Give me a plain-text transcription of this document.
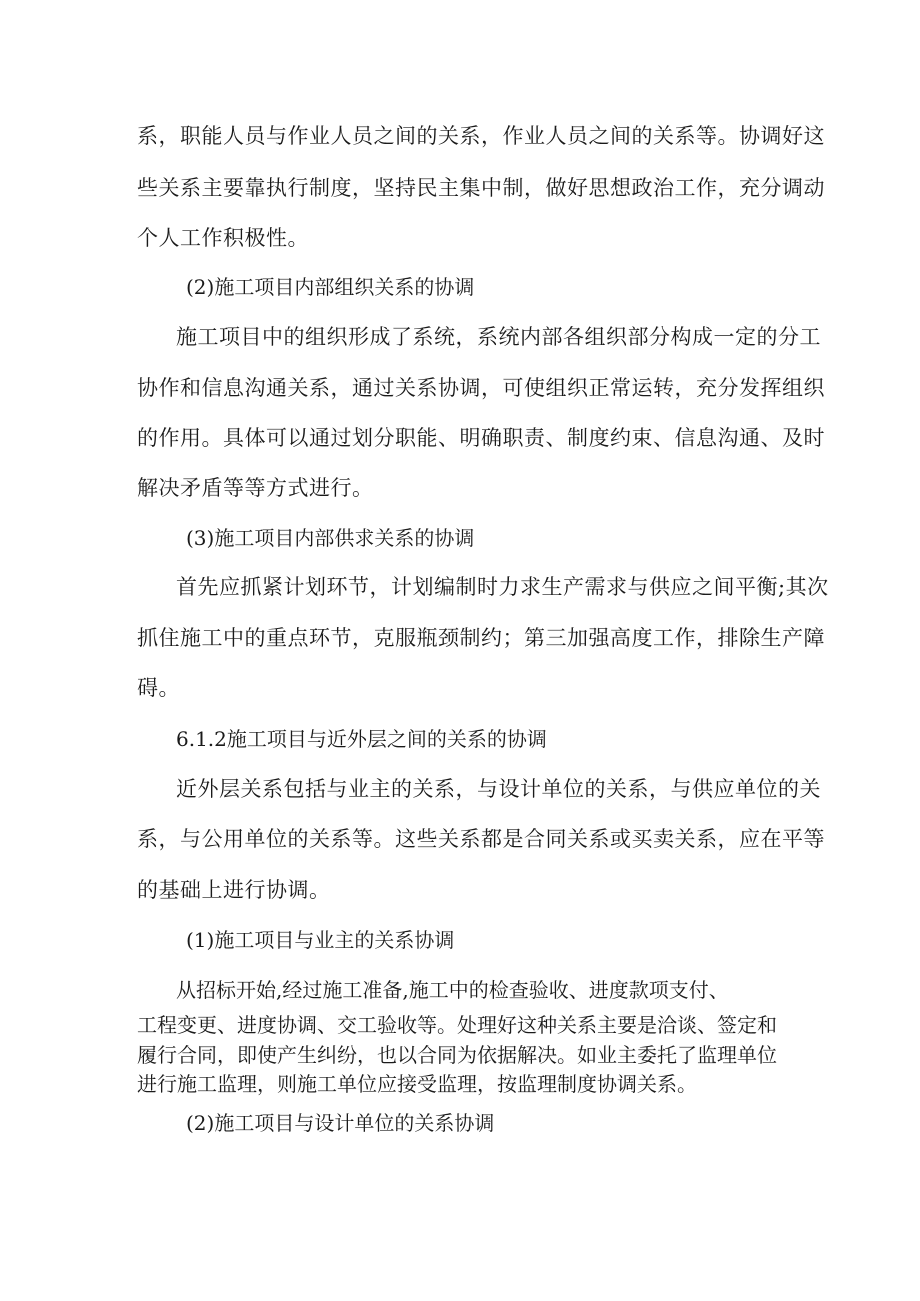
系，职能人员与作业人员之间的关系，作业人员之间的关系等。协调好这
些关系主要靠执行制度，坚持民主集中制，做好思想政治工作，充分调动
个人工作积极性。
(2)施工项目内部组织关系的协调
施工项目中的组织形成了系统，系统内部各组织部分构成一定的分工
协作和信息沟通关系，通过关系协调，可使组织正常运转，充分发挥组织
的作用。具体可以通过划分职能、明确职责、制度约束、信息沟通、及时
解决矛盾等等方式进行。
(3)施工项目内部供求关系的协调
首先应抓紧计划环节，计划编制时力求生产需求与供应之间平衡;其次
抓住施工中的重点环节，克服瓶颈制约；第三加强高度工作，排除生产障
碍。
6.1.2施工项目与近外层之间的关系的协调
近外层关系包括与业主的关系，与设计单位的关系，与供应单位的关
系，与公用单位的关系等。这些关系都是合同关系或买卖关系，应在平等
的基础上进行协调。
(1)施工项目与业主的关系协调
从招标开始,经过施工准备,施工中的检查验收、进度款项支付、
工程变更、进度协调、交工验收等。处理好这种关系主要是洽谈、签定和
履行合同，即使产生纠纷，也以合同为依据解决。如业主委托了监理单位
进行施工监理，则施工单位应接受监理，按监理制度协调关系。
(2)施工项目与设计单位的关系协调
